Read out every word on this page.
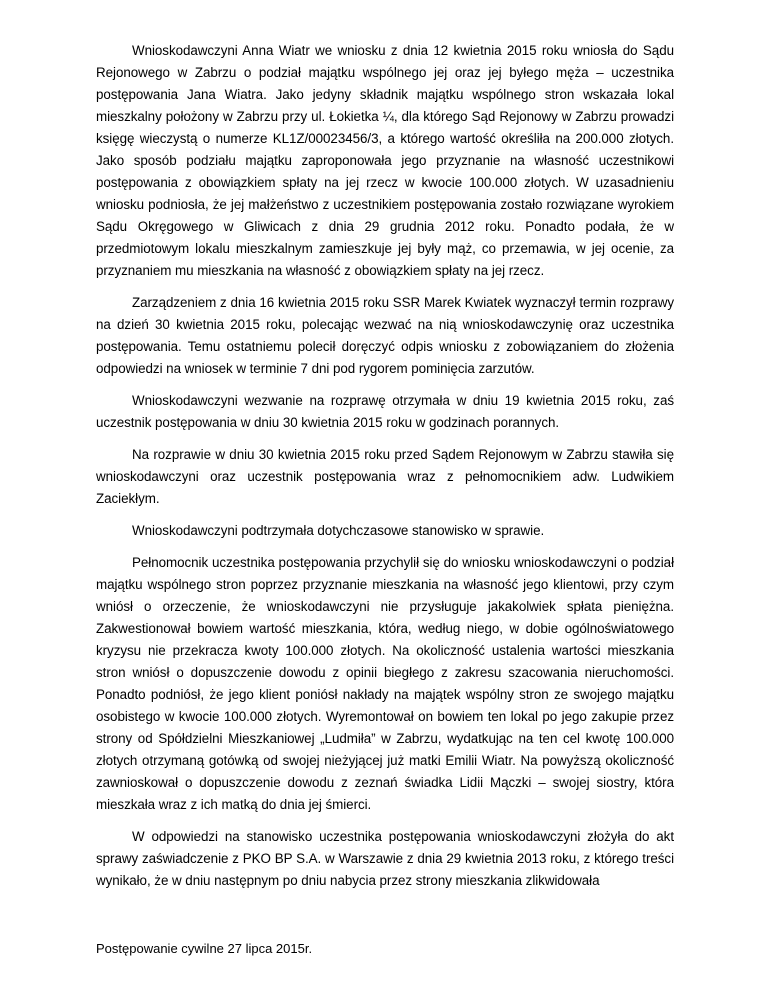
Wnioskodawczyni Anna Wiatr we wniosku z dnia 12 kwietnia 2015 roku wniosła do Sądu Rejonowego w Zabrzu o podział majątku wspólnego jej oraz jej byłego męża – uczestnika postępowania Jana Wiatra. Jako jedyny składnik majątku wspólnego stron wskazała lokal mieszkalny położony w Zabrzu przy ul. Łokietka ¼, dla którego Sąd Rejonowy w Zabrzu prowadzi księgę wieczystą o numerze KL1Z/00023456/3, a którego wartość określiła na 200.000 złotych. Jako sposób podziału majątku zaproponowała jego przyznanie na własność uczestnikowi postępowania z obowiązkiem spłaty na jej rzecz w kwocie 100.000 złotych. W uzasadnieniu wniosku podniosła, że jej małżeństwo z uczestnikiem postępowania zostało rozwiązane wyrokiem Sądu Okręgowego w Gliwicach z dnia 29 grudnia 2012 roku. Ponadto podała, że w przedmiotowym lokalu mieszkalnym zamieszkuje jej były mąż, co przemawia, w jej ocenie, za przyznaniem mu mieszkania na własność z obowiązkiem spłaty na jej rzecz.

Zarządzeniem z dnia 16 kwietnia 2015 roku SSR Marek Kwiatek wyznaczył termin rozprawy na dzień 30 kwietnia 2015 roku, polecając wezwać na nią wnioskodawczynię oraz uczestnika postępowania. Temu ostatniemu polecił doręczyć odpis wniosku z zobowiązaniem do złożenia odpowiedzi na wniosek w terminie 7 dni pod rygorem pominięcia zarzutów.

Wnioskodawczyni wezwanie na rozprawę otrzymała w dniu 19 kwietnia 2015 roku, zaś uczestnik postępowania w dniu 30 kwietnia 2015 roku w godzinach porannych.

Na rozprawie w dniu 30 kwietnia 2015 roku przed Sądem Rejonowym w Zabrzu stawiła się wnioskodawczyni oraz uczestnik postępowania wraz z pełnomocnikiem adw. Ludwikiem Zaciekłym.

Wnioskodawczyni podtrzymała dotychczasowe stanowisko w sprawie.

Pełnomocnik uczestnika postępowania przychylił się do wniosku wnioskodawczyni o podział majątku wspólnego stron poprzez przyznanie mieszkania na własność jego klientowi, przy czym wniósł o orzeczenie, że wnioskodawczyni nie przysługuje jakakolwiek spłata pieniężna. Zakwestionował bowiem wartość mieszkania, która, według niego, w dobie ogólnoświatowego kryzysu nie przekracza kwoty 100.000 złotych. Na okoliczność ustalenia wartości mieszkania stron wniósł o dopuszczenie dowodu z opinii biegłego z zakresu szacowania nieruchomości. Ponadto podniósł, że jego klient poniósł nakłady na majątek wspólny stron ze swojego majątku osobistego w kwocie 100.000 złotych. Wyremontował on bowiem ten lokal po jego zakupie przez strony od Spółdzielni Mieszkaniowej „Ludmiła” w Zabrzu, wydatkując na ten cel kwotę 100.000 złotych otrzymaną gotówką od swojej nieżyjącej już matki Emilii Wiatr. Na powyższą okoliczność zawnioskował o dopuszczenie dowodu z zeznań świadka Lidii Mączki – swojej siostry, która mieszkała wraz z ich matką do dnia jej śmierci.

W odpowiedzi na stanowisko uczestnika postępowania wnioskodawczyni złożyła do akt sprawy zaświadczenie z PKO BP S.A. w Warszawie z dnia 29 kwietnia 2013 roku, z którego treści wynikało, że w dniu następnym po dniu nabycia przez strony mieszkania zlikwidowała

Postępowanie cywilne 27 lipca 2015r.
